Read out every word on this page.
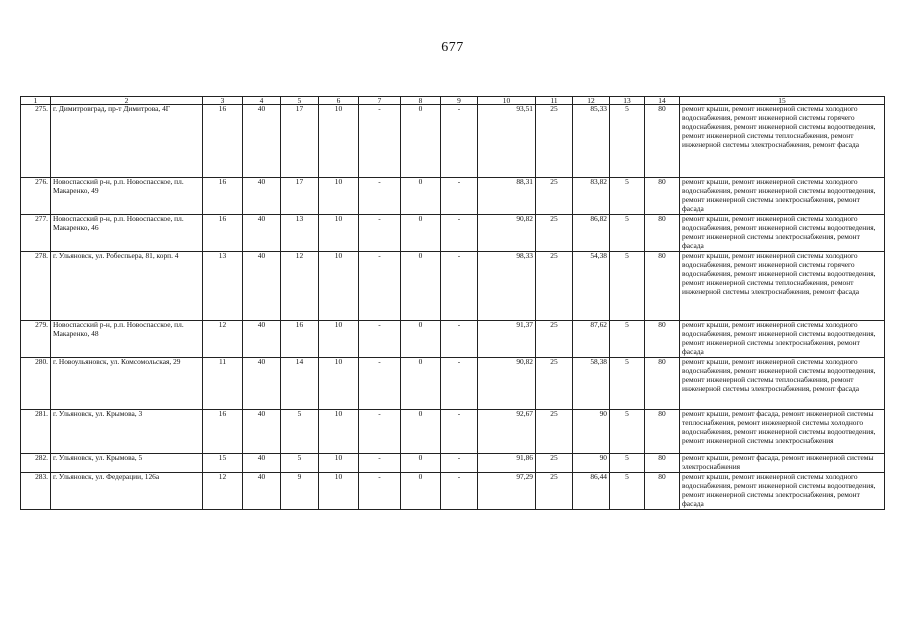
677
1	2	3	4	5	6	7	8	9	10	11	12	13	14	15
275.	г. Димитровград, пр-т Димитрова, 4Г	16	40	17	10	-	0	-	93,51	25	85,33	5	80	ремонт крыши, ремонт инженерной системы холодного водоснабжения, ремонт инженерной системы горячего водоснабжения, ремонт инженерной системы водоотведения, ремонт инженерной системы теплоснабжения, ремонт инженерной системы электроснабжения, ремонт фасада
276.	Новоспасский р-н, р.п. Новоспасское, пл. Макаренко, 49	16	40	17	10	-	0	-	88,31	25	83,82	5	80	ремонт крыши, ремонт инженерной системы холодного водоснабжения, ремонт инженерной системы водоотведения, ремонт инженерной системы электроснабжения, ремонт фасада
277.	Новоспасский р-н, р.п. Новоспасское, пл. Макаренко, 46	16	40	13	10	-	0	-	90,82	25	86,82	5	80	ремонт крыши, ремонт инженерной системы холодного водоснабжения, ремонт инженерной системы водоотведения, ремонт инженерной системы электроснабжения, ремонт фасада
278.	г. Ульяновск, ул. Робеспьера, 81, корп. 4	13	40	12	10	-	0	-	98,33	25	54,38	5	80	ремонт крыши, ремонт инженерной системы холодного водоснабжения, ремонт инженерной системы горячего водоснабжения, ремонт инженерной системы водоотведения, ремонт инженерной системы теплоснабжения, ремонт инженерной системы электроснабжения, ремонт фасада
279.	Новоспасский р-н, р.п. Новоспасское, пл. Макаренко, 48	12	40	16	10	-	0	-	91,37	25	87,62	5	80	ремонт крыши, ремонт инженерной системы холодного водоснабжения, ремонт инженерной системы водоотведения, ремонт инженерной системы электроснабжения, ремонт фасада
280.	г. Новоульяновск, ул. Комсомольская, 29	11	40	14	10	-	0	-	90,82	25	58,38	5	80	ремонт крыши, ремонт инженерной системы холодного водоснабжения, ремонт инженерной системы водоотведения, ремонт инженерной системы теплоснабжения, ремонт инженерной системы электроснабжения, ремонт фасада
281.	г. Ульяновск, ул. Крымова, 3	16	40	5	10	-	0	-	92,67	25	90	5	80	ремонт крыши, ремонт фасада, ремонт инженерной системы теплоснабжения, ремонт инженерной системы холодного водоснабжения, ремонт инженерной системы водоотведения, ремонт инженерной системы электроснабжения
282.	г. Ульяновск, ул. Крымова, 5	15	40	5	10	-	0	-	91,86	25	90	5	80	ремонт крыши, ремонт фасада, ремонт инженерной системы электроснабжения
283.	г. Ульяновск, ул. Федерации, 126а	12	40	9	10	-	0	-	97,29	25	86,44	5	80	ремонт крыши, ремонт инженерной системы холодного водоснабжения, ремонт инженерной системы водоотведения, ремонт инженерной системы электроснабжения, ремонт фасада
